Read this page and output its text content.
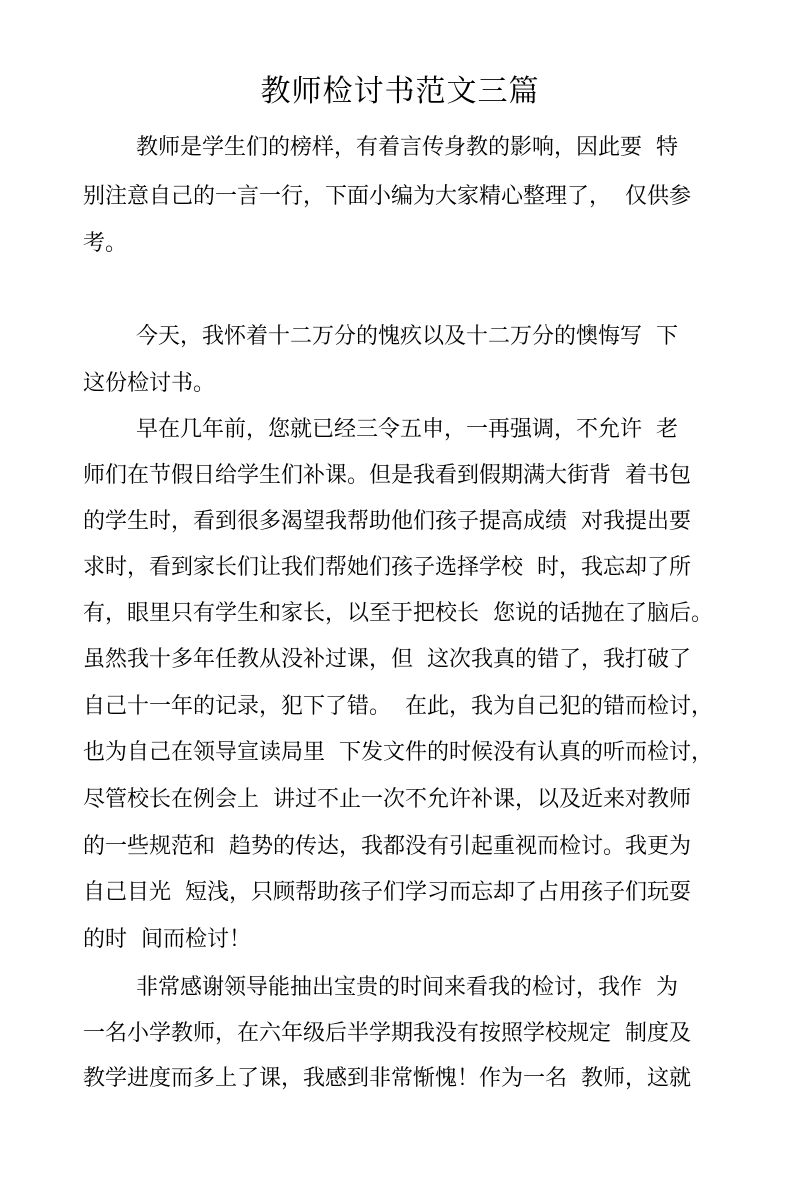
教师检讨书范文三篇
教师是学生们的榜样，有着言传身教的影响，因此要  特
别注意自己的一言一行，下面小编为大家精心整理了，  仅供参
考。
今天，我怀着十二万分的愧疚以及十二万分的懊悔写  下
这份检讨书。
早在几年前，您就已经三令五申，一再强调，不允许  老
师们在节假日给学生们补课。但是我看到假期满大街背  着书包
的学生时，看到很多渴望我帮助他们孩子提高成绩  对我提出要
求时，看到家长们让我们帮她们孩子选择学校  时，我忘却了所
有，眼里只有学生和家长，以至于把校长  您说的话抛在了脑后。
虽然我十多年任教从没补过课，但  这次我真的错了，我打破了
自己十一年的记录，犯下了错。  在此，我为自己犯的错而检讨，
也为自己在领导宣读局里  下发文件的时候没有认真的听而检讨，
尽管校长在例会上  讲过不止一次不允许补课，以及近来对教师
的一些规范和  趋势的传达，我都没有引起重视而检讨。我更为
自己目光  短浅，只顾帮助孩子们学习而忘却了占用孩子们玩耍
的时  间而检讨！
非常感谢领导能抽出宝贵的时间来看我的检讨，我作  为
一名小学教师，在六年级后半学期我没有按照学校规定  制度及
教学进度而多上了课，我感到非常惭愧！作为一名  教师，这就
